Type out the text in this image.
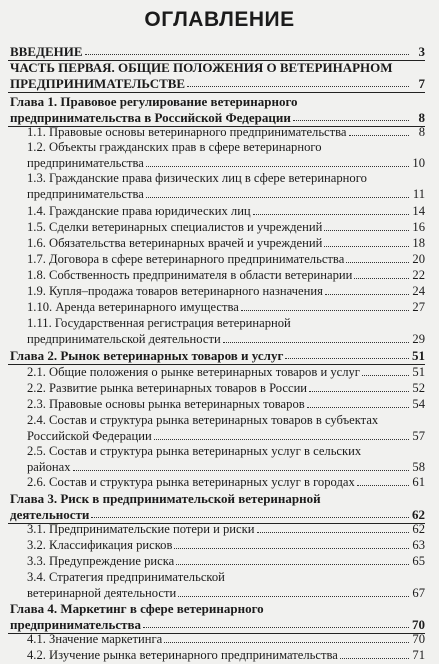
ОГЛАВЛЕНИЕ
ВВЕДЕНИЕ	3
ЧАСТЬ ПЕРВАЯ. ОБЩИЕ ПОЛОЖЕНИЯ О ВЕТЕРИНАРНОМ
ПРЕДПРИНИМАТЕЛЬСТВЕ	7
Глава 1. Правовое регулирование ветеринарного
предпринимательства в Российской Федерации	8
1.1. Правовые основы ветеринарного предпринимательства	8
1.2. Объекты гражданских прав в сфере ветеринарного
предпринимательства	10
1.3. Гражданские права физических лиц в сфере ветеринарного
предпринимательства	11
1.4. Гражданские права юридических лиц	14
1.5. Сделки ветеринарных специалистов и учреждений	16
1.6. Обязательства ветеринарных врачей и учреждений	18
1.7. Договора в сфере ветеринарного предпринимательства	20
1.8. Собственность предпринимателя в области ветеринарии	22
1.9. Купля–продажа товаров ветеринарного назначения	24
1.10. Аренда ветеринарного имущества	27
1.11. Государственная регистрация ветеринарной
предпринимательской деятельности	29
Глава 2. Рынок ветеринарных товаров и услуг	51
2.1. Общие положения о рынке ветеринарных товаров и услуг	51
2.2. Развитие рынка ветеринарных товаров в России	52
2.3. Правовые основы рынка ветеринарных товаров	54
2.4. Состав и структура рынка ветеринарных товаров в субъектах
Российской Федерации	57
2.5. Состав и структура рынка ветеринарных услуг в сельских
районах	58
2.6. Состав и структура рынка ветеринарных услуг в городах	61
Глава 3. Риск в предпринимательской ветеринарной
деятельности	62
3.1. Предпринимательские потери и риски	62
3.2. Классификация рисков	63
3.3. Предупреждение риска	65
3.4. Стратегия предпринимательской
ветеринарной деятельности	67
Глава 4. Маркетинг в сфере ветеринарного
предпринимательства	70
4.1. Значение маркетинга	70
4.2. Изучение рынка ветеринарного предпринимательства	71
